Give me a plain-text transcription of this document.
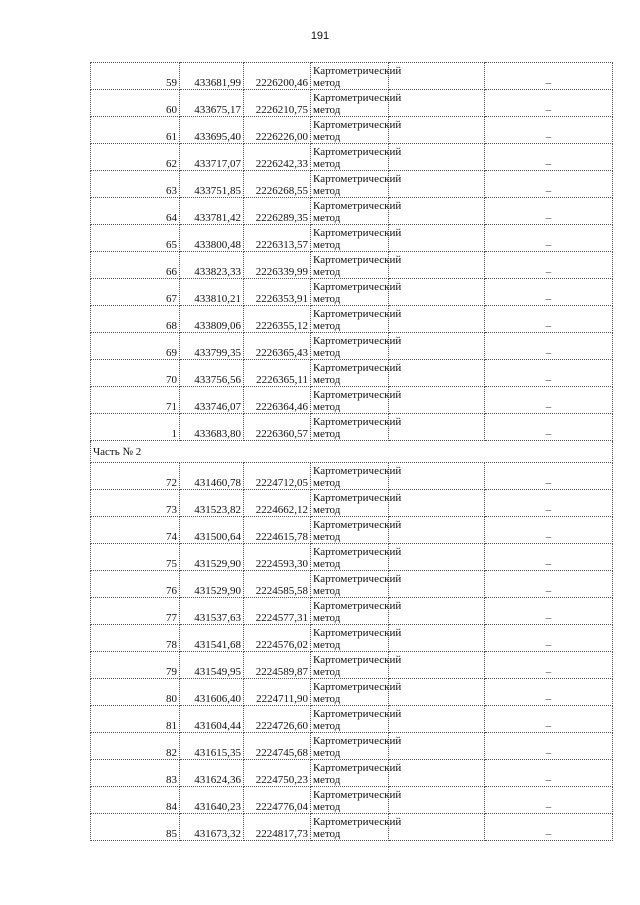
191
59	433681,99	2226200,46	Картометрический метод		–
60	433675,17	2226210,75	Картометрический метод		–
61	433695,40	2226226,00	Картометрический метод		–
62	433717,07	2226242,33	Картометрический метод		–
63	433751,85	2226268,55	Картометрический метод		–
64	433781,42	2226289,35	Картометрический метод		–
65	433800,48	2226313,57	Картометрический метод		–
66	433823,33	2226339,99	Картометрический метод		–
67	433810,21	2226353,91	Картометрический метод		–
68	433809,06	2226355,12	Картометрический метод		–
69	433799,35	2226365,43	Картометрический метод		–
70	433756,56	2226365,11	Картометрический метод		–
71	433746,07	2226364,46	Картометрический метод		–
1	433683,80	2226360,57	Картометрический метод		–
Часть № 2					
72	431460,78	2224712,05	Картометрический метод		–
73	431523,82	2224662,12	Картометрический метод		–
74	431500,64	2224615,78	Картометрический метод		–
75	431529,90	2224593,30	Картометрический метод		–
76	431529,90	2224585,58	Картометрический метод		–
77	431537,63	2224577,31	Картометрический метод		–
78	431541,68	2224576,02	Картометрический метод		–
79	431549,95	2224589,87	Картометрический метод		–
80	431606,40	2224711,90	Картометрический метод		–
81	431604,44	2224726,60	Картометрический метод		–
82	431615,35	2224745,68	Картометрический метод		–
83	431624,36	2224750,23	Картометрический метод		–
84	431640,23	2224776,04	Картометрический метод		–
85	431673,32	2224817,73	Картометрический метод		–
